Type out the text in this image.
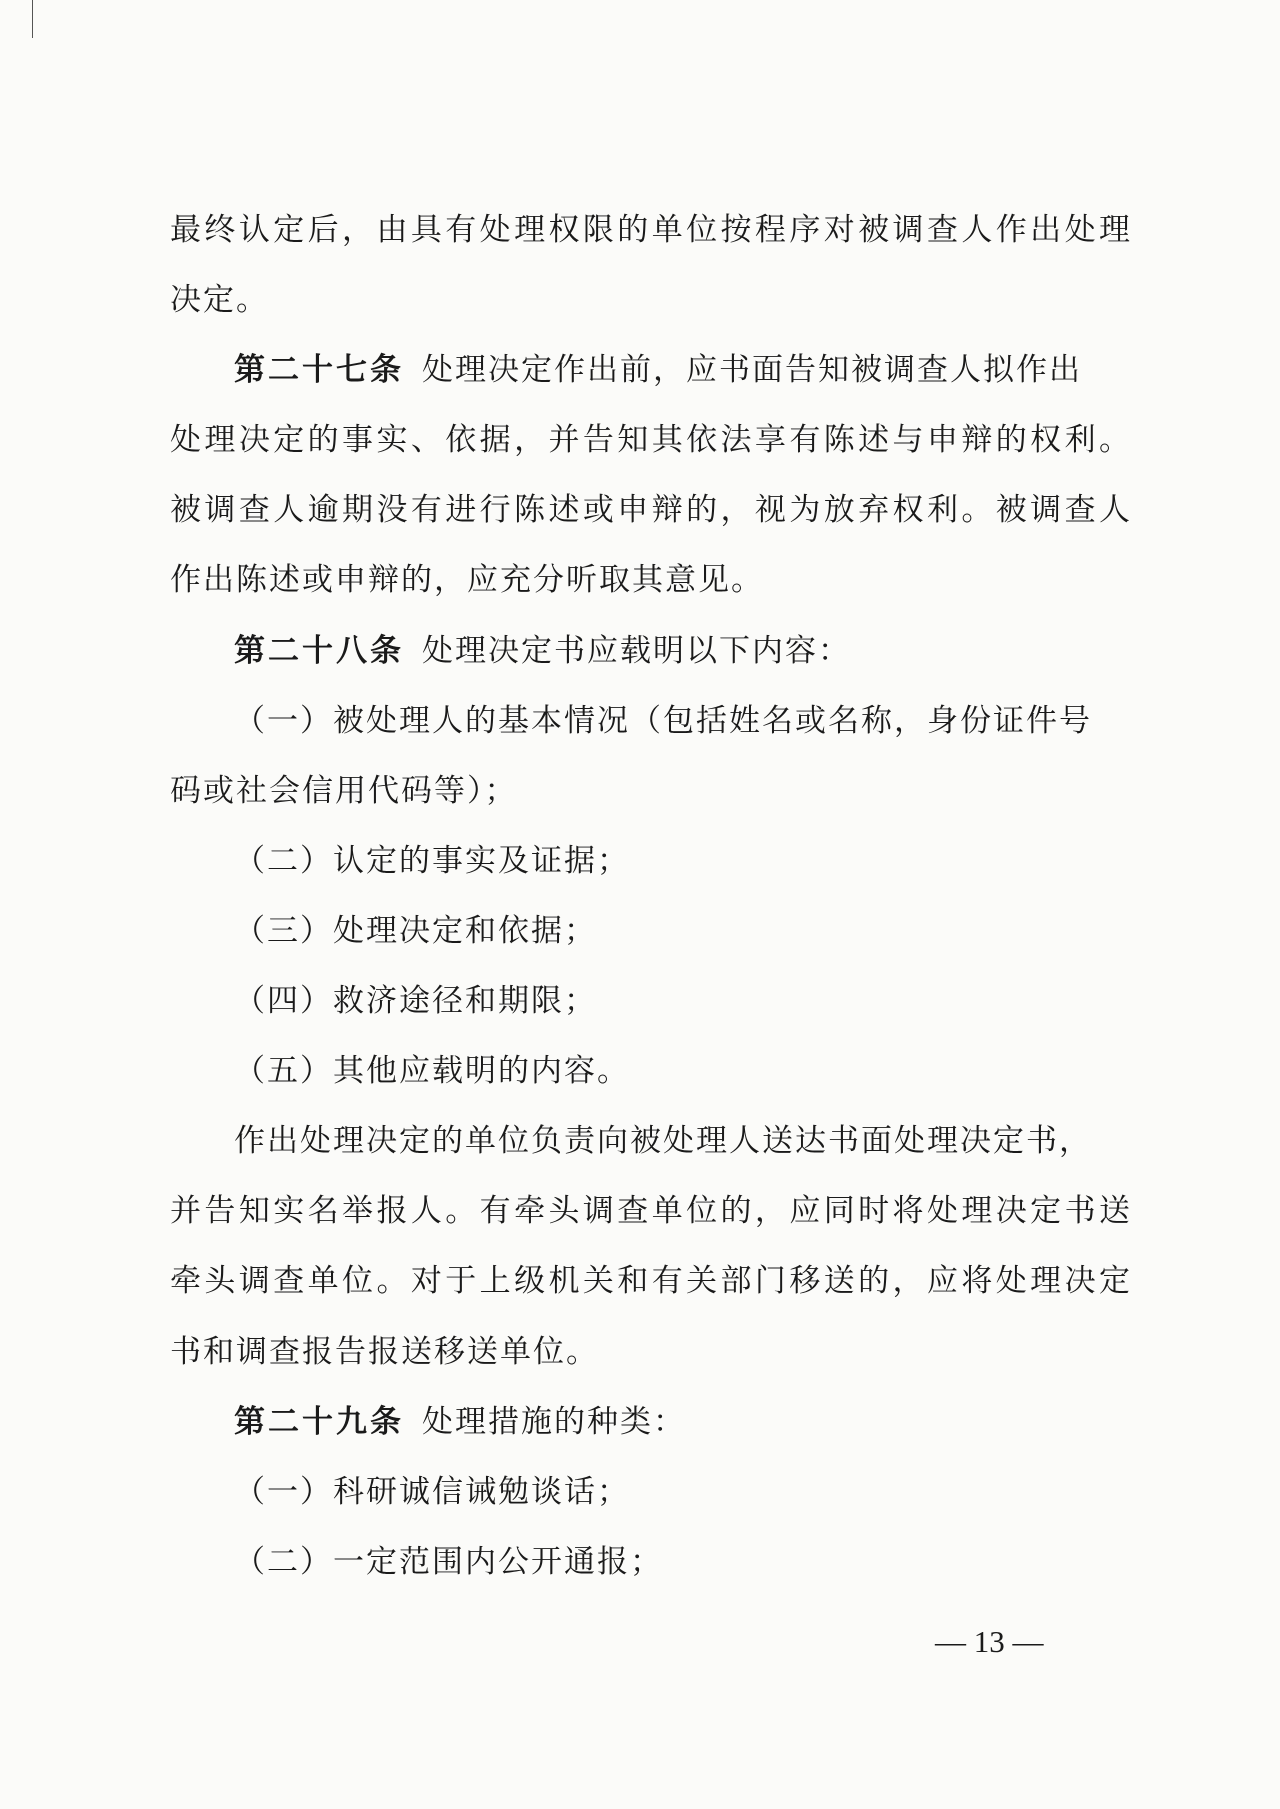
最终认定后，由具有处理权限的单位按程序对被调查人作出处理
决定。
第二十七条 处理决定作出前，应书面告知被调查人拟作出
处理决定的事实、依据，并告知其依法享有陈述与申辩的权利。
被调查人逾期没有进行陈述或申辩的，视为放弃权利。被调查人
作出陈述或申辩的，应充分听取其意见。
第二十八条 处理决定书应载明以下内容：
（一）被处理人的基本情况（包括姓名或名称，身份证件号
码或社会信用代码等）；
（二）认定的事实及证据；
（三）处理决定和依据；
（四）救济途径和期限；
（五）其他应载明的内容。
作出处理决定的单位负责向被处理人送达书面处理决定书，
并告知实名举报人。有牵头调查单位的，应同时将处理决定书送
牵头调查单位。对于上级机关和有关部门移送的，应将处理决定
书和调查报告报送移送单位。
第二十九条 处理措施的种类：
（一）科研诚信诫勉谈话；
（二）一定范围内公开通报；
— 13 —
